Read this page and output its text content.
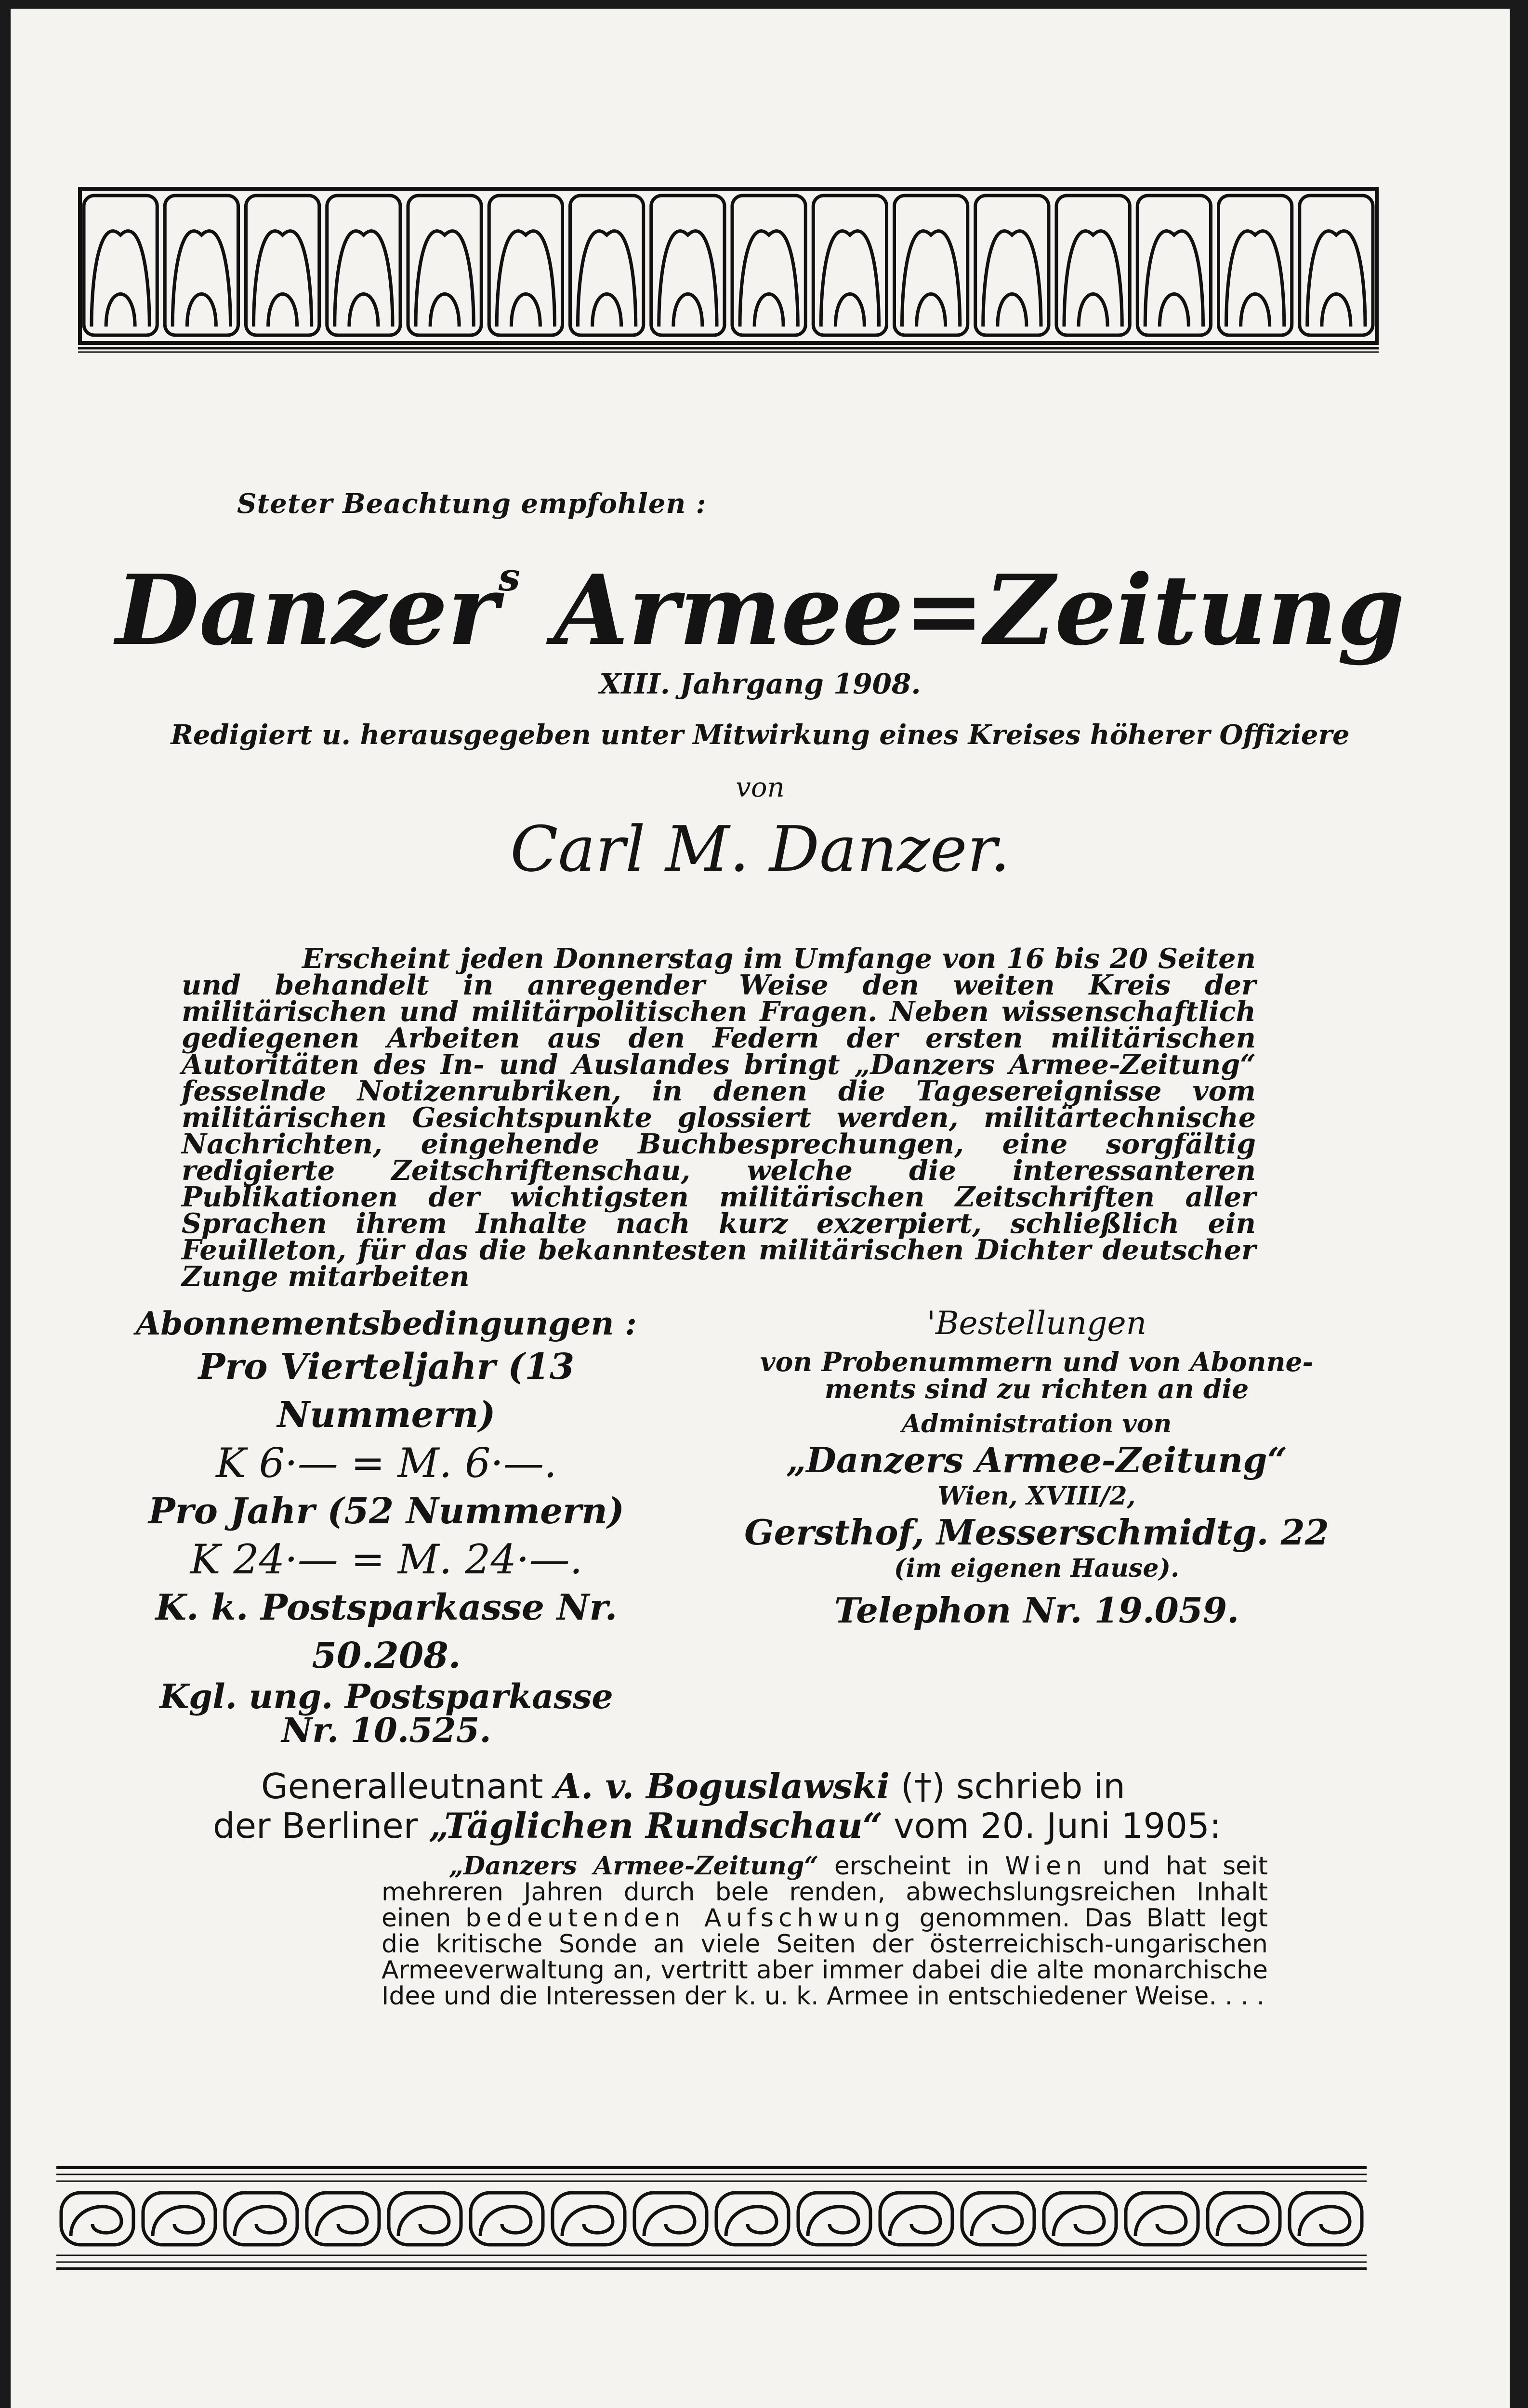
Steter Beachtung empfohlen :
Danzer$^s$ Armee=Zeitung
XIII. Jahrgang 1908.
Redigiert u. herausgegeben unter Mitwirkung eines Kreises höherer Offiziere
von
Carl M. Danzer.
Erscheint jeden Donnerstag im Umfange von 16 bis 20 Seiten und behandelt in anregender Weise den weiten Kreis der militärischen und militärpolitischen Fragen. Neben wissenschaftlich gediegenen Arbeiten aus den Federn der ersten militärischen Autoritäten des In- und Auslandes bringt „Danzers Armee-Zeitung“ fesselnde Notizenrubriken, in denen die Tagesereignisse vom militärischen Gesichtspunkte glossiert werden, militärtechnische Nachrichten, eingehende Buchbesprechungen, eine sorgfältig redigierte Zeitschriftenschau, welche die interessanteren Publikationen der wichtigsten militärischen Zeitschriften aller Sprachen ihrem Inhalte nach kurz exzerpiert, schließlich ein Feuilleton, für das die bekanntesten militärischen Dichter deutscher Zunge mitarbeiten
Abonnementsbedingungen :
Pro Vierteljahr (13 Nummern)
K 6·— = M. 6·—.
Pro Jahr (52 Nummern)
K 24·— = M. 24·—.
K. k. Postsparkasse Nr. 50.208.
Kgl. ung. Postsparkasse
Nr. 10.525.
'Bestellungen
von Probenummern und von Abonne-
ments sind zu richten an die
Administration von
„Danzers Armee-Zeitung“
Wien, XVIII/2,
Gersthof, Messerschmidtg. 22
(im eigenen Hause).
Telephon Nr. 19.059.
Generalleutnant A. v. Boguslawski (†) schrieb in
der Berliner „Täglichen Rundschau“ vom 20. Juni 1905:
„Danzers Armee-Zeitung“ erscheint in Wien und hat seit mehreren Jahren durch bele renden, abwechslungsreichen Inhalt einen bedeutenden Aufschwung genommen. Das Blatt legt die kritische Sonde an viele Seiten der österreichisch-ungarischen Armeeverwaltung an, vertritt aber immer dabei die alte monarchische Idee und die Interessen der k. u. k. Armee in entschiedener Weise. . . .
